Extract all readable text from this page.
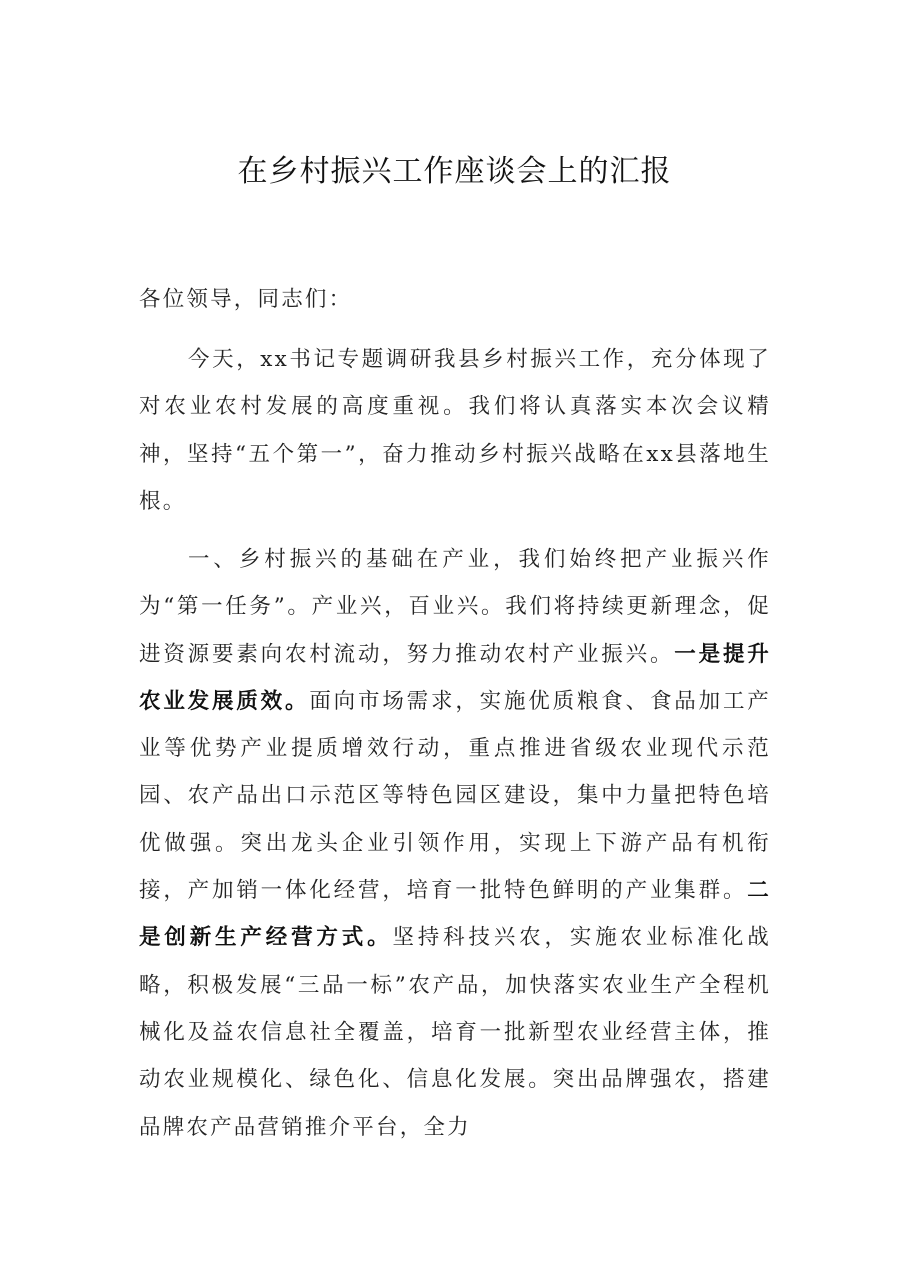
在乡村振兴工作座谈会上的汇报
各位领导，同志们：
今天，xx书记专题调研我县乡村振兴工作，充分体现了对农业农村发展的高度重视。我们将认真落实本次会议精神，坚持“五个第一”，奋力推动乡村振兴战略在xx县落地生根。
一、乡村振兴的基础在产业，我们始终把产业振兴作为“第一任务”。产业兴，百业兴。我们将持续更新理念，促进资源要素向农村流动，努力推动农村产业振兴。一是提升农业发展质效。面向市场需求，实施优质粮食、食品加工产业等优势产业提质增效行动，重点推进省级农业现代示范园、农产品出口示范区等特色园区建设，集中力量把特色培优做强。突出龙头企业引领作用，实现上下游产品有机衔接，产加销一体化经营，培育一批特色鲜明的产业集群。二是创新生产经营方式。坚持科技兴农，实施农业标准化战略，积极发展“三品一标”农产品，加快落实农业生产全程机械化及益农信息社全覆盖，培育一批新型农业经营主体，推动农业规模化、绿色化、信息化发展。突出品牌强农，搭建品牌农产品营销推介平台，全力
